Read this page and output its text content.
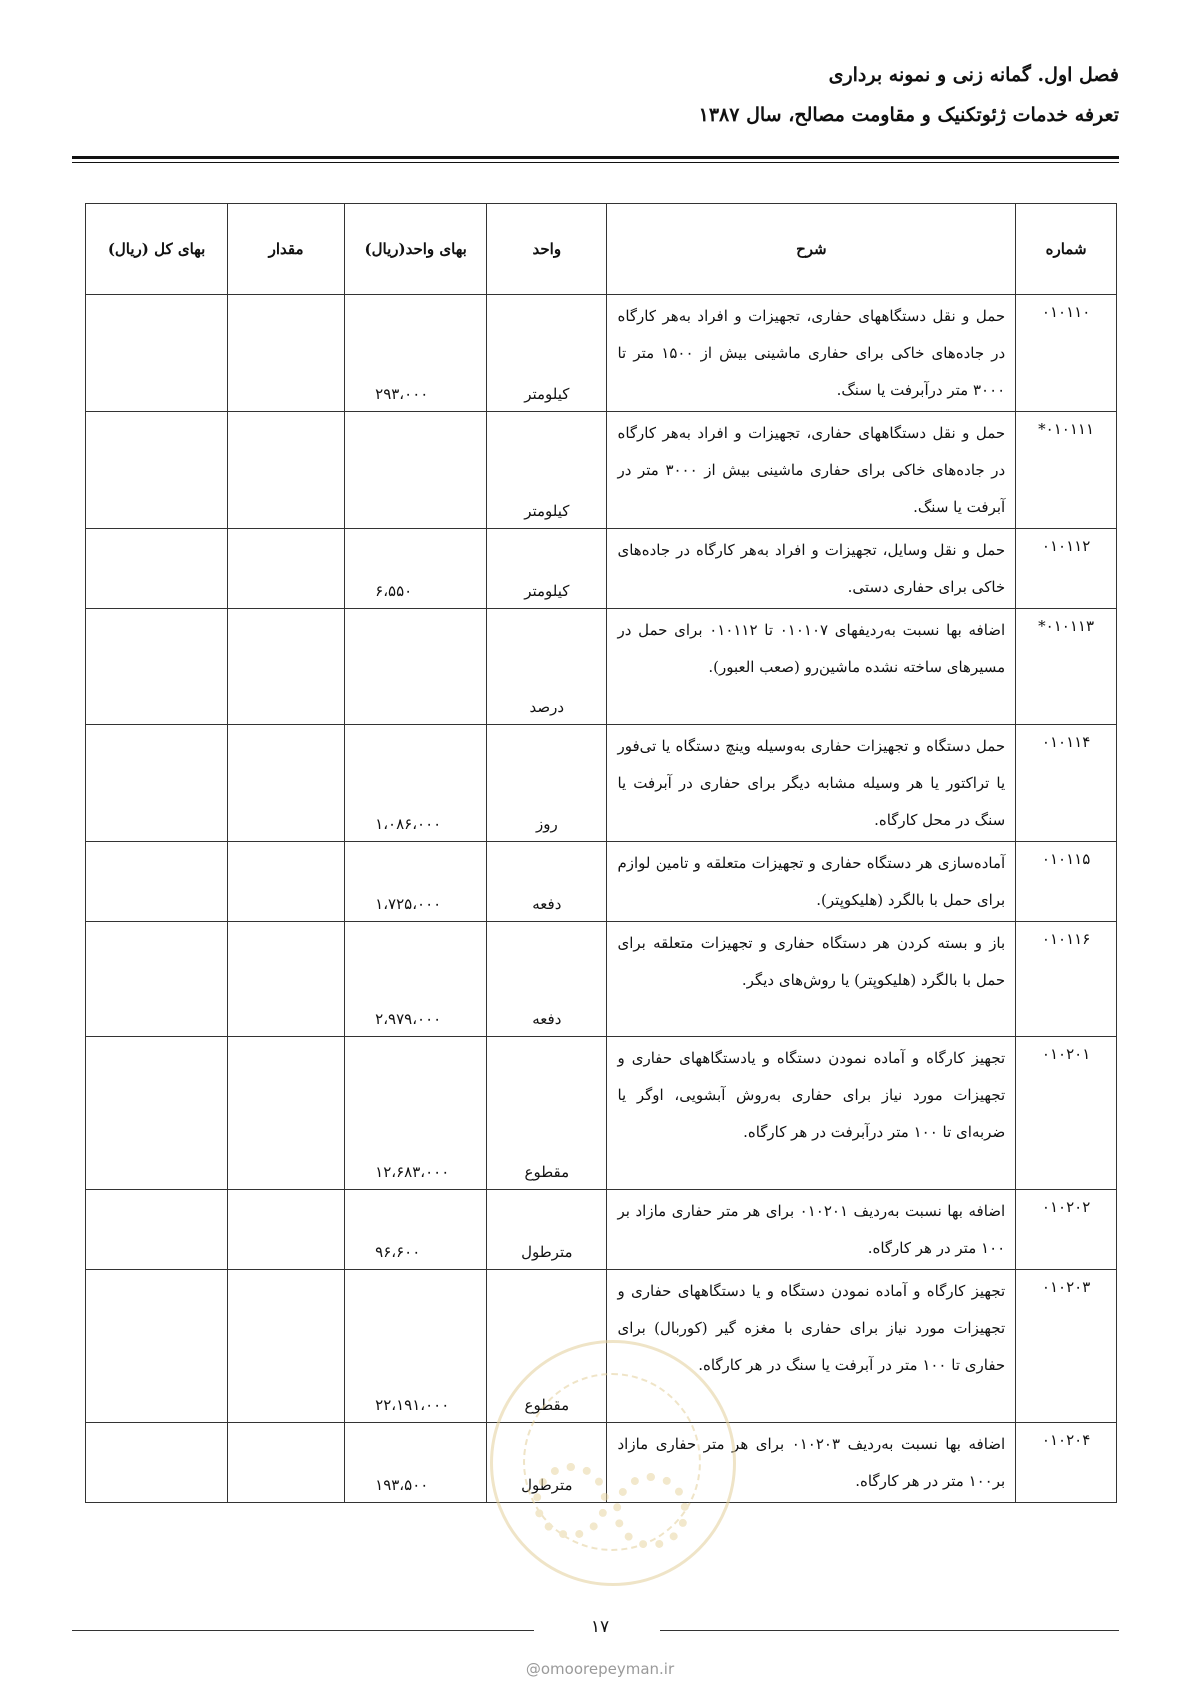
فصل اول. گمانه زنی و نمونه برداری
تعرفه خدمات ژئوتکنیک و مقاومت مصالح، سال ۱۳۸۷
شماره	شرح	واحد	بهای واحد(ریال)	مقدار	بهای کل (ریال)
۰۱۰۱۱۰	حمل و نقل دستگاههای حفاری، تجهیزات و افراد به‌هر کارگاه در جاده‌های خاکی برای حفاری ماشینی بیش از ۱۵۰۰ متر تا ۳۰۰۰ متر درآبرفت یا سنگ.	کیلومتر	۲۹۳،۰۰۰		
۰۱۰۱۱۱*	حمل و نقل دستگاههای حفاری، تجهیزات و افراد به‌هر کارگاه در جاده‌های خاکی برای حفاری ماشینی بیش از ۳۰۰۰ متر در آبرفت یا سنگ.	کیلومتر			
۰۱۰۱۱۲	حمل و نقل وسایل، تجهیزات و افراد به‌هر کارگاه در جاده‌های خاکی برای حفاری دستی.	کیلومتر	۶،۵۵۰		
۰۱۰۱۱۳*	اضافه بها نسبت به‌ردیفهای ۰۱۰۱۰۷ تا ۰۱۰۱۱۲ برای حمل در مسیرهای ساخته نشده ماشین‌رو (صعب العبور).	درصد			
۰۱۰۱۱۴	حمل دستگاه و تجهیزات حفاری به‌وسیله وینچ دستگاه یا تی‌فور یا تراکتور یا هر وسیله مشابه دیگر برای حفاری در آبرفت یا سنگ در محل کارگاه.	روز	۱،۰۸۶،۰۰۰		
۰۱۰۱۱۵	آماده‌سازی هر دستگاه حفاری و تجهیزات متعلقه و تامین لوازم برای حمل با بالگرد (هلیکوپتر).	دفعه	۱،۷۲۵،۰۰۰		
۰۱۰۱۱۶	باز و بسته کردن هر دستگاه حفاری و تجهیزات متعلقه برای حمل با بالگرد (هلیکوپتر) یا روش‌های دیگر.	دفعه	۲،۹۷۹،۰۰۰		
۰۱۰۲۰۱	تجهیز کارگاه و آماده نمودن دستگاه و یادستگاههای حفاری و تجهیزات مورد نیاز برای حفاری به‌روش آبشویی، اوگر یا ضربه‌ای تا ۱۰۰ متر درآبرفت در هر کارگاه.	مقطوع	۱۲،۶۸۳،۰۰۰		
۰۱۰۲۰۲	اضافه بها نسبت به‌ردیف ۰۱۰۲۰۱ برای هر متر حفاری مازاد بر ۱۰۰ متر در هر کارگاه.	مترطول	۹۶،۶۰۰		
۰۱۰۲۰۳	تجهیز کارگاه و آماده نمودن دستگاه و یا دستگاههای حفاری و تجهیزات مورد نیاز برای حفاری با مغزه گیر (کوربال) برای حفاری تا ۱۰۰ متر در آبرفت یا سنگ در هر کارگاه.	مقطوع	۲۲،۱۹۱،۰۰۰		
۰۱۰۲۰۴	اضافه بها نسبت به‌ردیف ۰۱۰۲۰۳ برای هر متر حفاری مازاد بر۱۰۰ متر در هر کارگاه.	مترطول	۱۹۳،۵۰۰		
۱۷
@omoorepeyman.ir
